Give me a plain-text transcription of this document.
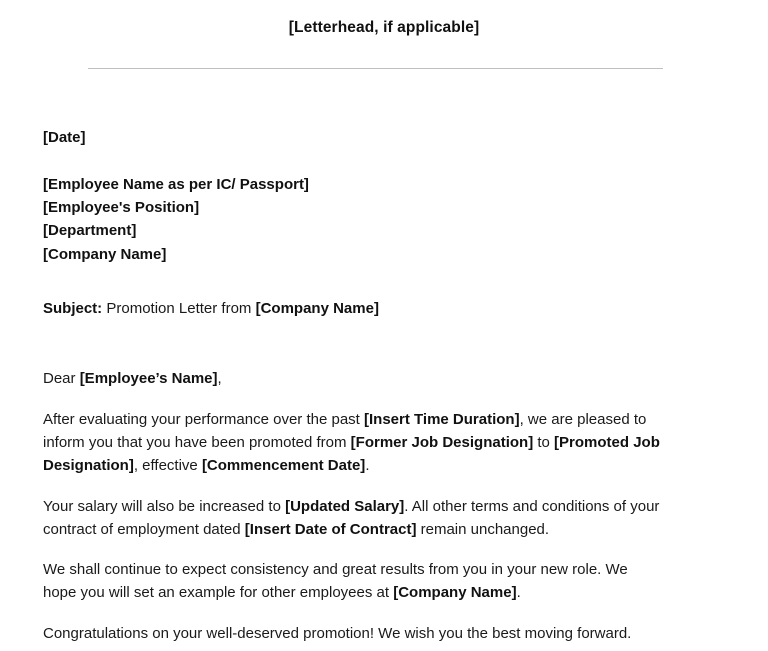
[Letterhead, if applicable]
[Date]
[Employee Name as per IC/ Passport]
[Employee's Position]
[Department]
[Company Name]
Subject: Promotion Letter from [Company Name]
Dear [Employee’s Name],
After evaluating your performance over the past [Insert Time Duration], we are pleased to inform you that you have been promoted from [Former Job Designation] to [Promoted Job Designation], effective [Commencement Date].
Your salary will also be increased to [Updated Salary]. All other terms and conditions of your contract of employment dated [Insert Date of Contract] remain unchanged.
We shall continue to expect consistency and great results from you in your new role. We hope you will set an example for other employees at [Company Name].
Congratulations on your well-deserved promotion! We wish you the best moving forward.
